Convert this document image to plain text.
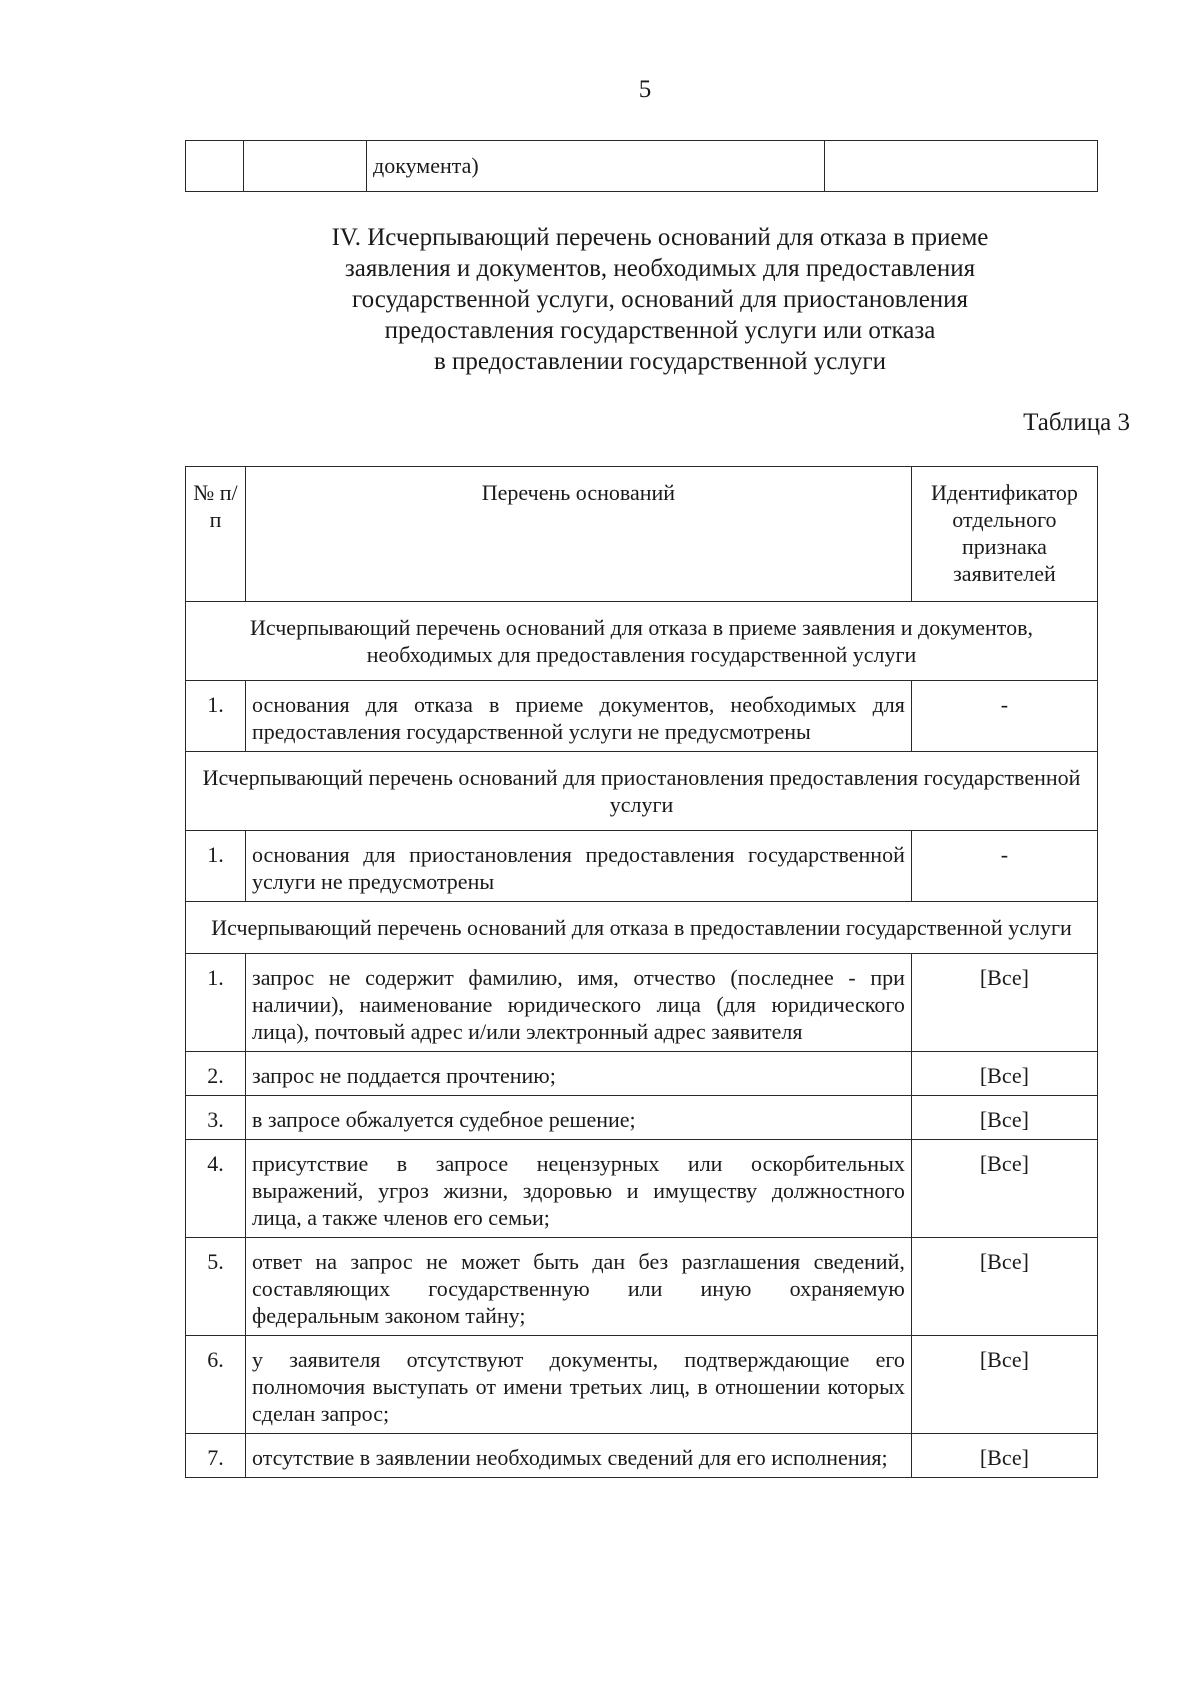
5
		документа)	
IV. Исчерпывающий перечень оснований для отказа в приеме
заявления и документов, необходимых для предоставления
государственной услуги, оснований для приостановления
предоставления государственной услуги или отказа
в предоставлении государственной услуги
Таблица 3
№ п/п	Перечень оснований	Идентификатор отдельного признака заявителей
Исчерпывающий перечень оснований для отказа в приеме заявления и документов, необходимых для предоставления государственной услуги		
1.	основания для отказа в приеме документов, необходимых для предоставления государственной услуги не предусмотрены	-
Исчерпывающий перечень оснований для приостановления предоставления государственной услуги		
1.	основания для приостановления предоставления государственной услуги не предусмотрены	-
Исчерпывающий перечень оснований для отказа в предоставлении государственной услуги		
1.	запрос не содержит фамилию, имя, отчество (последнее - при наличии), наименование юридического лица (для юридического лица), почтовый адрес и/или электронный адрес заявителя	[Все]
2.	запрос не поддается прочтению;	[Все]
3.	в запросе обжалуется судебное решение;	[Все]
4.	присутствие в запросе нецензурных или оскорбительных выражений, угроз жизни, здоровью и имуществу должностного лица, а также членов его семьи;	[Все]
5.	ответ на запрос не может быть дан без разглашения сведений, составляющих государственную или иную охраняемую федеральным законом тайну;	[Все]
6.	у заявителя отсутствуют документы, подтверждающие его полномочия выступать от имени третьих лиц, в отношении которых сделан запрос;	[Все]
7.	отсутствие в заявлении необходимых сведений для его исполнения;	[Все]
